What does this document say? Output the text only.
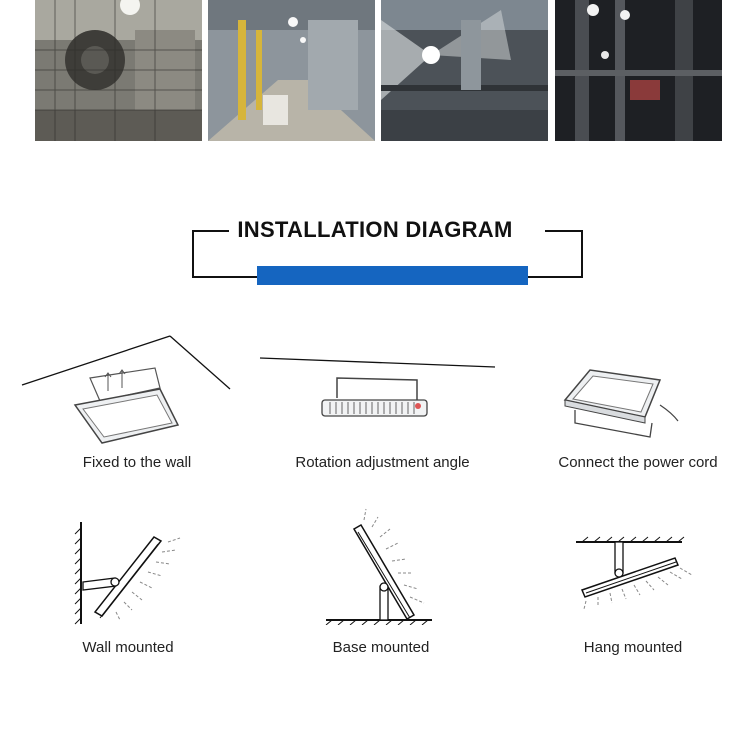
INSTALLATION DIAGRAM
Fixed to the wall	Rotation adjustment angle	Connect the power cord
Wall mounted	Base mounted	Hang mounted
